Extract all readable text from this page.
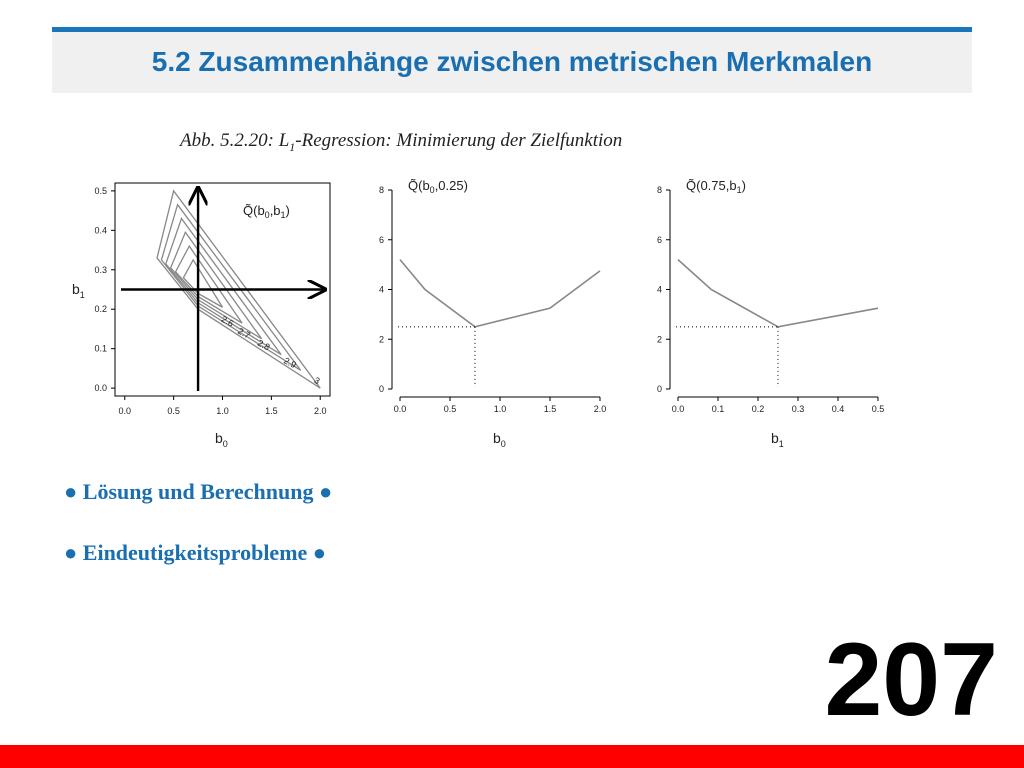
5.2 Zusammenhänge zwischen metrischen Merkmalen
Abb. 5.2.20: $L_1$-Regression: Minimierung der Zielfunktion
2.6
2.7
2.8
2.9
3
0.0
0.1
0.2
0.3
0.4
0.5
0.0	0.5	1.0	1.5	2.0
$Q̃(b_0,b_1)$
$b_0$
$b_1$
0
2
4
6
8
0.0	0.5	1.0	1.5	2.0
$Q̃(b_0,0.25)$
$b_0$
0
2
4
6
8
0.0	0.1	0.2	0.3	0.4	0.5
$Q̃(0.75,b_1)$
$b_1$
● Lösung und Berechnung ●
● Eindeutigkeitsprobleme ●
207
